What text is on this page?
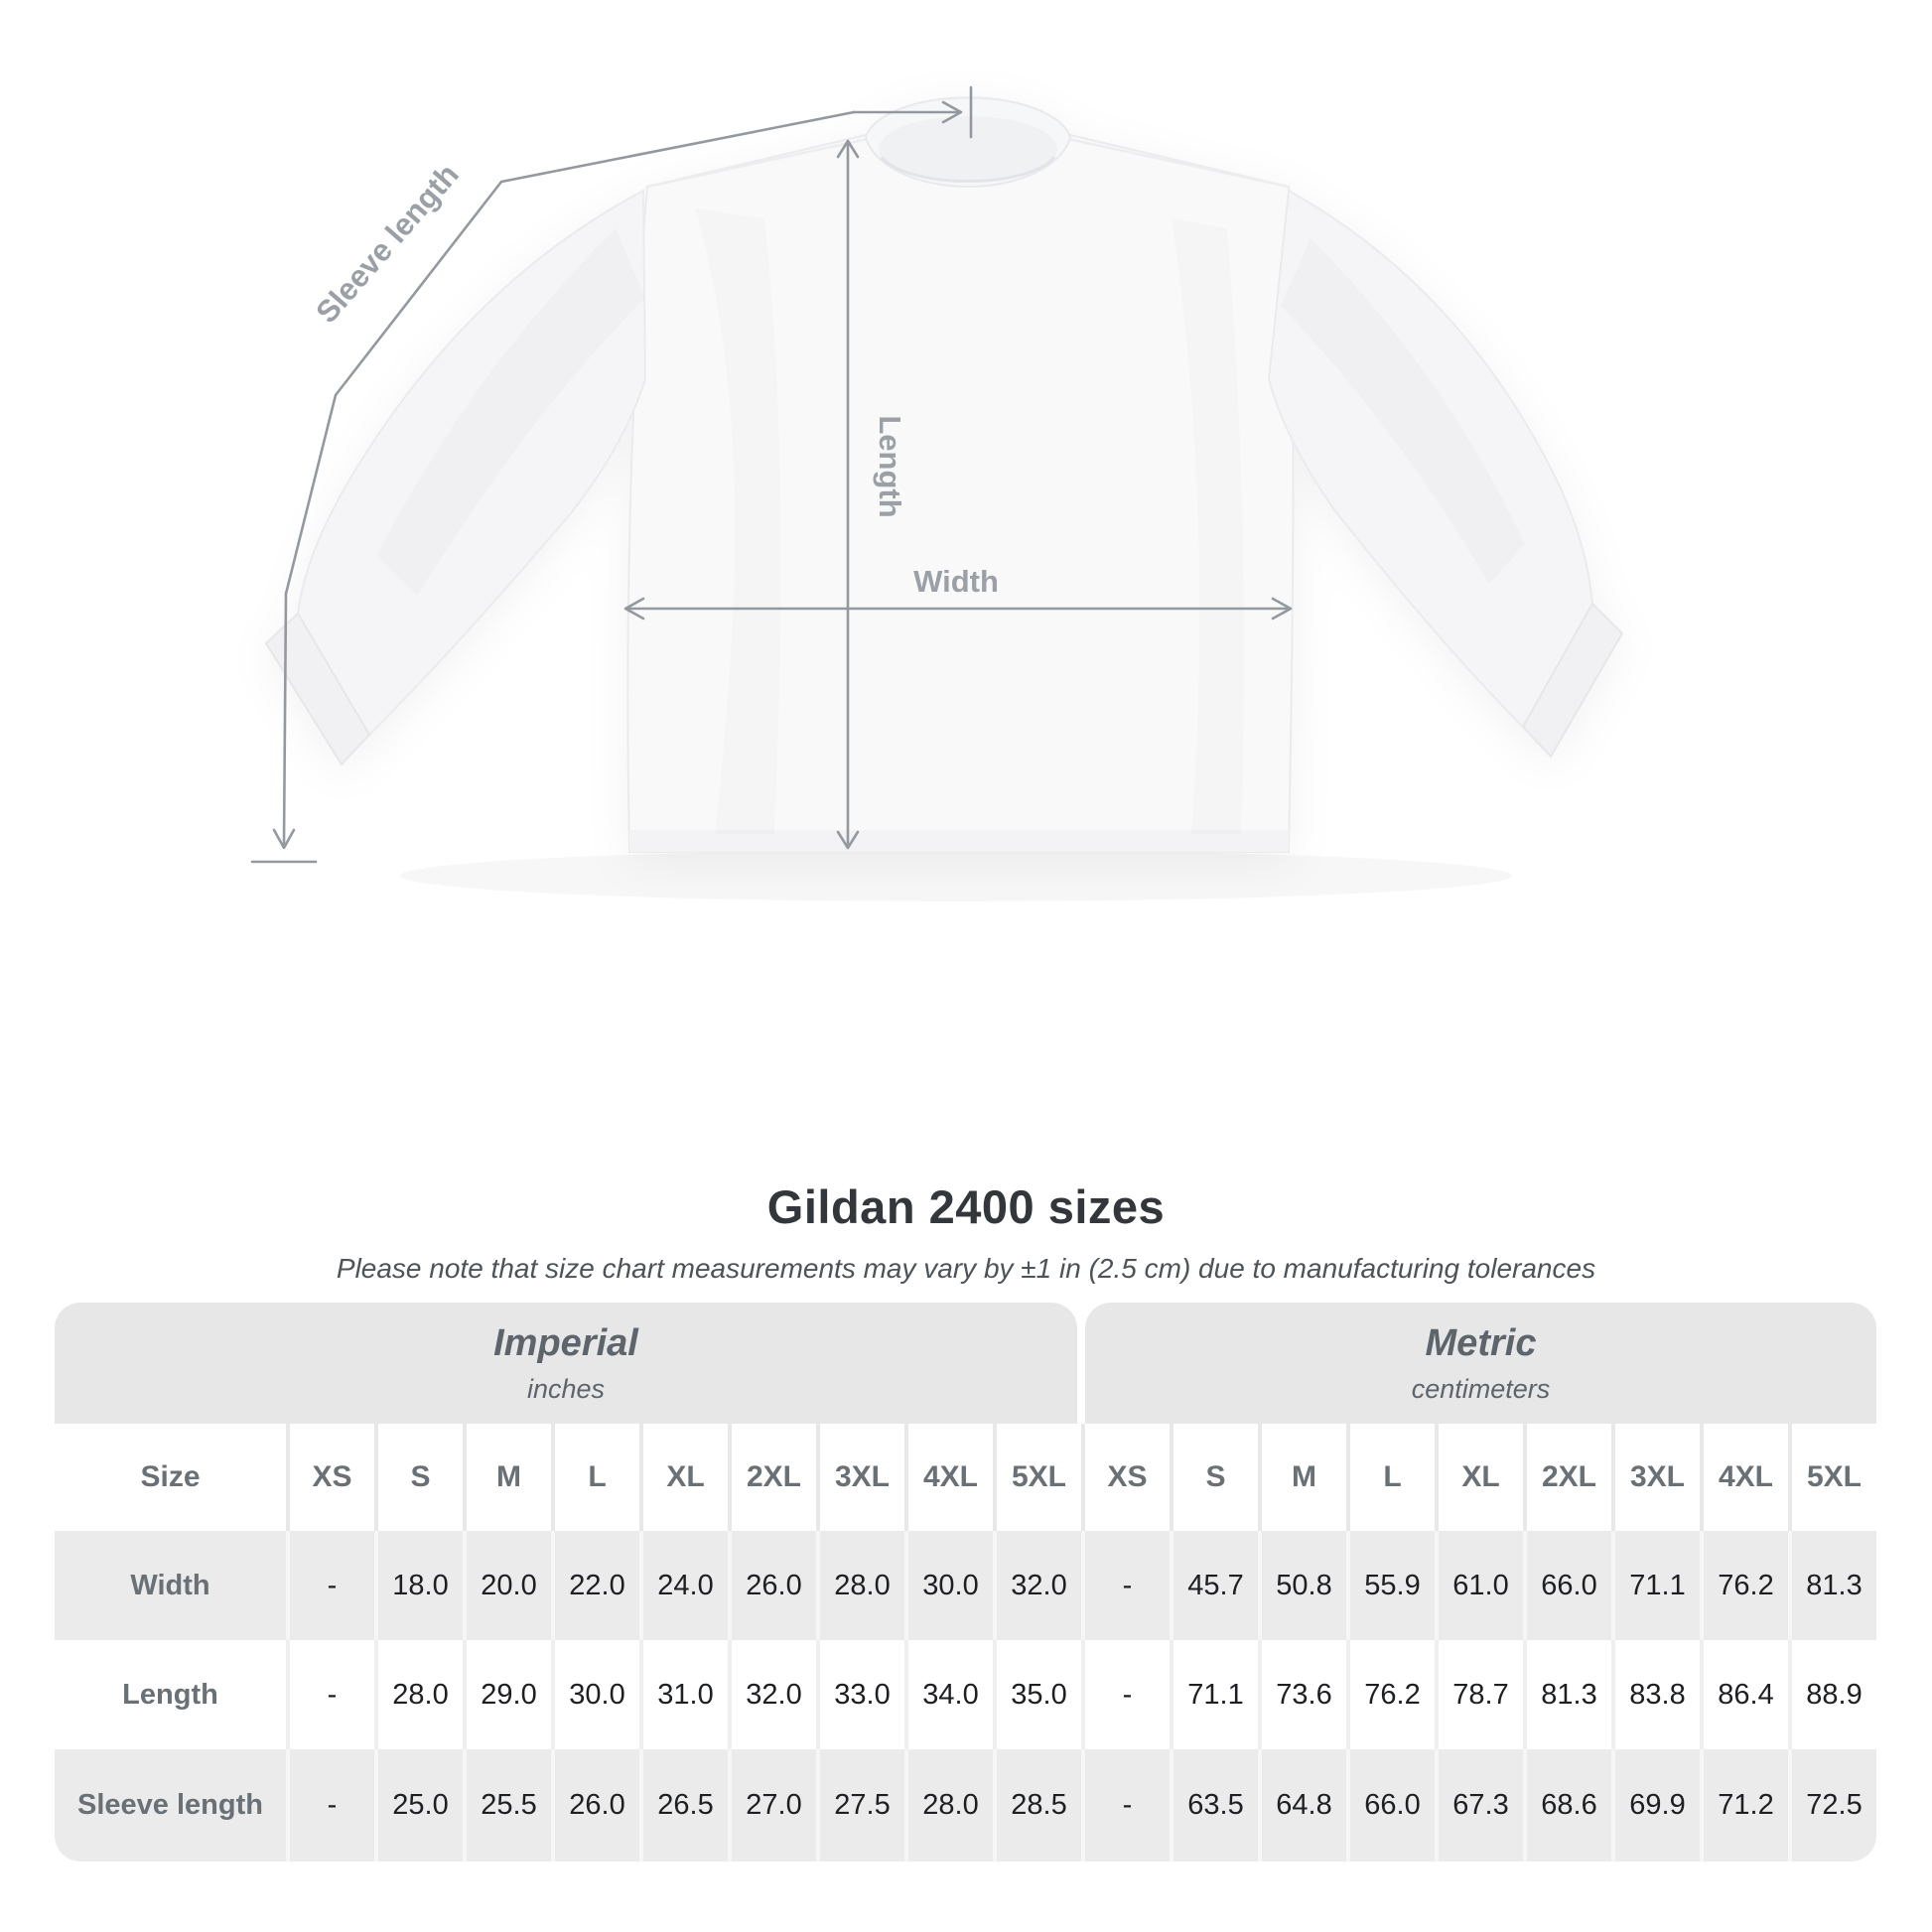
Length
Width
Sleeve length
Gildan 2400 sizes
Please note that size chart measurements may vary by ±1 in (2.5 cm) due to manufacturing tolerances
Imperial
inches
Metric
centimeters
Size	XS	S	M	L	XL	2XL	3XL	4XL	5XL	XS	S	M	L	XL	2XL	3XL	4XL	5XL
Width	-	18.0	20.0	22.0	24.0	26.0	28.0	30.0	32.0	-	45.7	50.8	55.9	61.0	66.0	71.1	76.2	81.3
Length	-	28.0	29.0	30.0	31.0	32.0	33.0	34.0	35.0	-	71.1	73.6	76.2	78.7	81.3	83.8	86.4	88.9
Sleeve length	-	25.0	25.5	26.0	26.5	27.0	27.5	28.0	28.5	-	63.5	64.8	66.0	67.3	68.6	69.9	71.2	72.5
